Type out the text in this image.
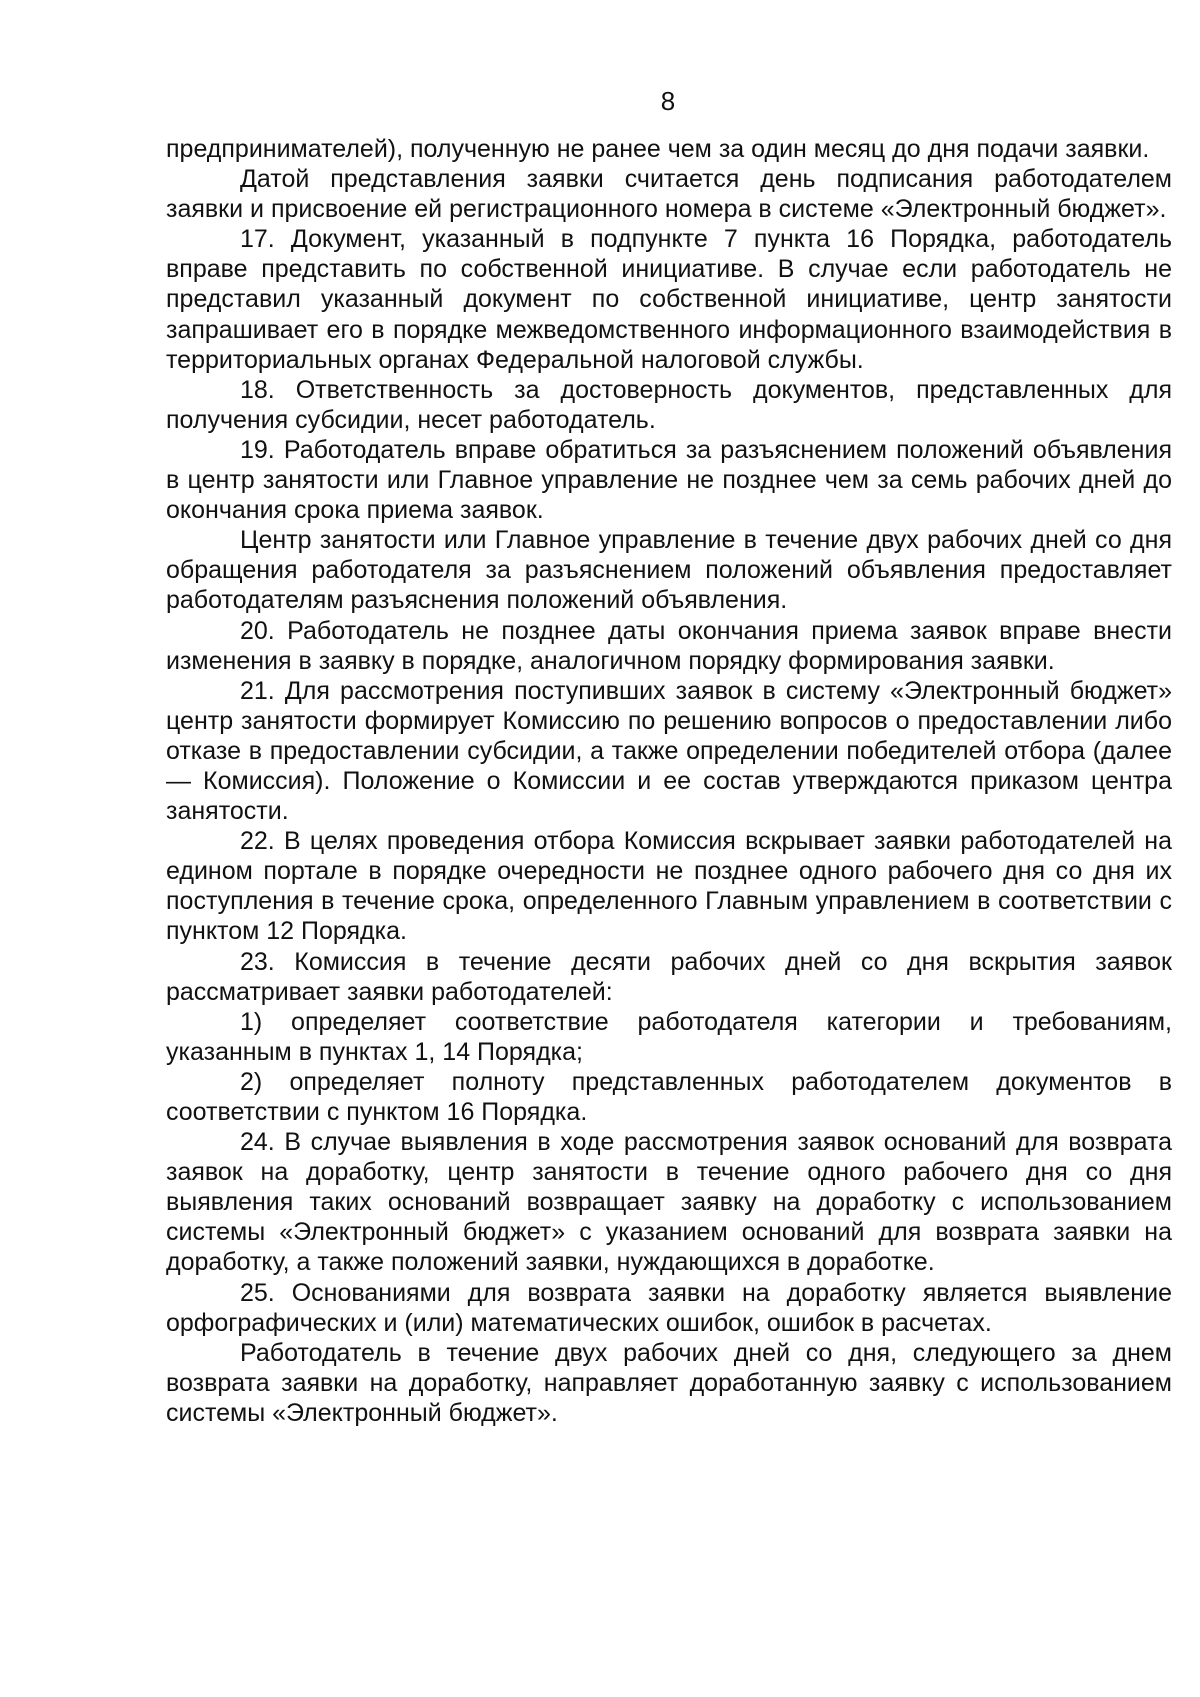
8

предпринимателей), полученную не ранее чем за один месяц до дня подачи заявки.

Датой представления заявки считается день подписания работодателем заявки и присвоение ей регистрационного номера в системе «Электронный бюджет».

17. Документ, указанный в подпункте 7 пункта 16 Порядка, работодатель вправе представить по собственной инициативе. В случае если работодатель не представил указанный документ по собственной инициативе, центр занятости запрашивает его в порядке межведомственного информационного взаимодействия в территориальных органах Федеральной налоговой службы.

18. Ответственность за достоверность документов, представленных для получения субсидии, несет работодатель.

19. Работодатель вправе обратиться за разъяснением положений объявления в центр занятости или Главное управление не позднее чем за семь рабочих дней до окончания срока приема заявок.

Центр занятости или Главное управление в течение двух рабочих дней со дня обращения работодателя за разъяснением положений объявления предоставляет работодателям разъяснения положений объявления.

20. Работодатель не позднее даты окончания приема заявок вправе внести изменения в заявку в порядке, аналогичном порядку формирования заявки.

21. Для рассмотрения поступивших заявок в систему «Электронный бюджет» центр занятости формирует Комиссию по решению вопросов о предоставлении либо отказе в предоставлении субсидии, а также определении победителей отбора (далее — Комиссия). Положение о Комиссии и ее состав утверждаются приказом центра занятости.

22. В целях проведения отбора Комиссия вскрывает заявки работодателей на едином портале в порядке очередности не позднее одного рабочего дня со дня их поступления в течение срока, определенного Главным управлением в соответствии с пунктом 12 Порядка.

23. Комиссия в течение десяти рабочих дней со дня вскрытия заявок рассматривает заявки работодателей:

1) определяет соответствие работодателя категории и требованиям, указанным в пунктах 1, 14 Порядка;

2) определяет полноту представленных работодателем документов в соответствии с пунктом 16 Порядка.

24. В случае выявления в ходе рассмотрения заявок оснований для возврата заявок на доработку, центр занятости в течение одного рабочего дня со дня выявления таких оснований возвращает заявку на доработку с использованием системы «Электронный бюджет» с указанием оснований для возврата заявки на доработку, а также положений заявки, нуждающихся в доработке.

25. Основаниями для возврата заявки на доработку является выявление орфографических и (или) математических ошибок, ошибок в расчетах.

Работодатель в течение двух рабочих дней со дня, следующего за днем возврата заявки на доработку, направляет доработанную заявку с использованием системы «Электронный бюджет».
